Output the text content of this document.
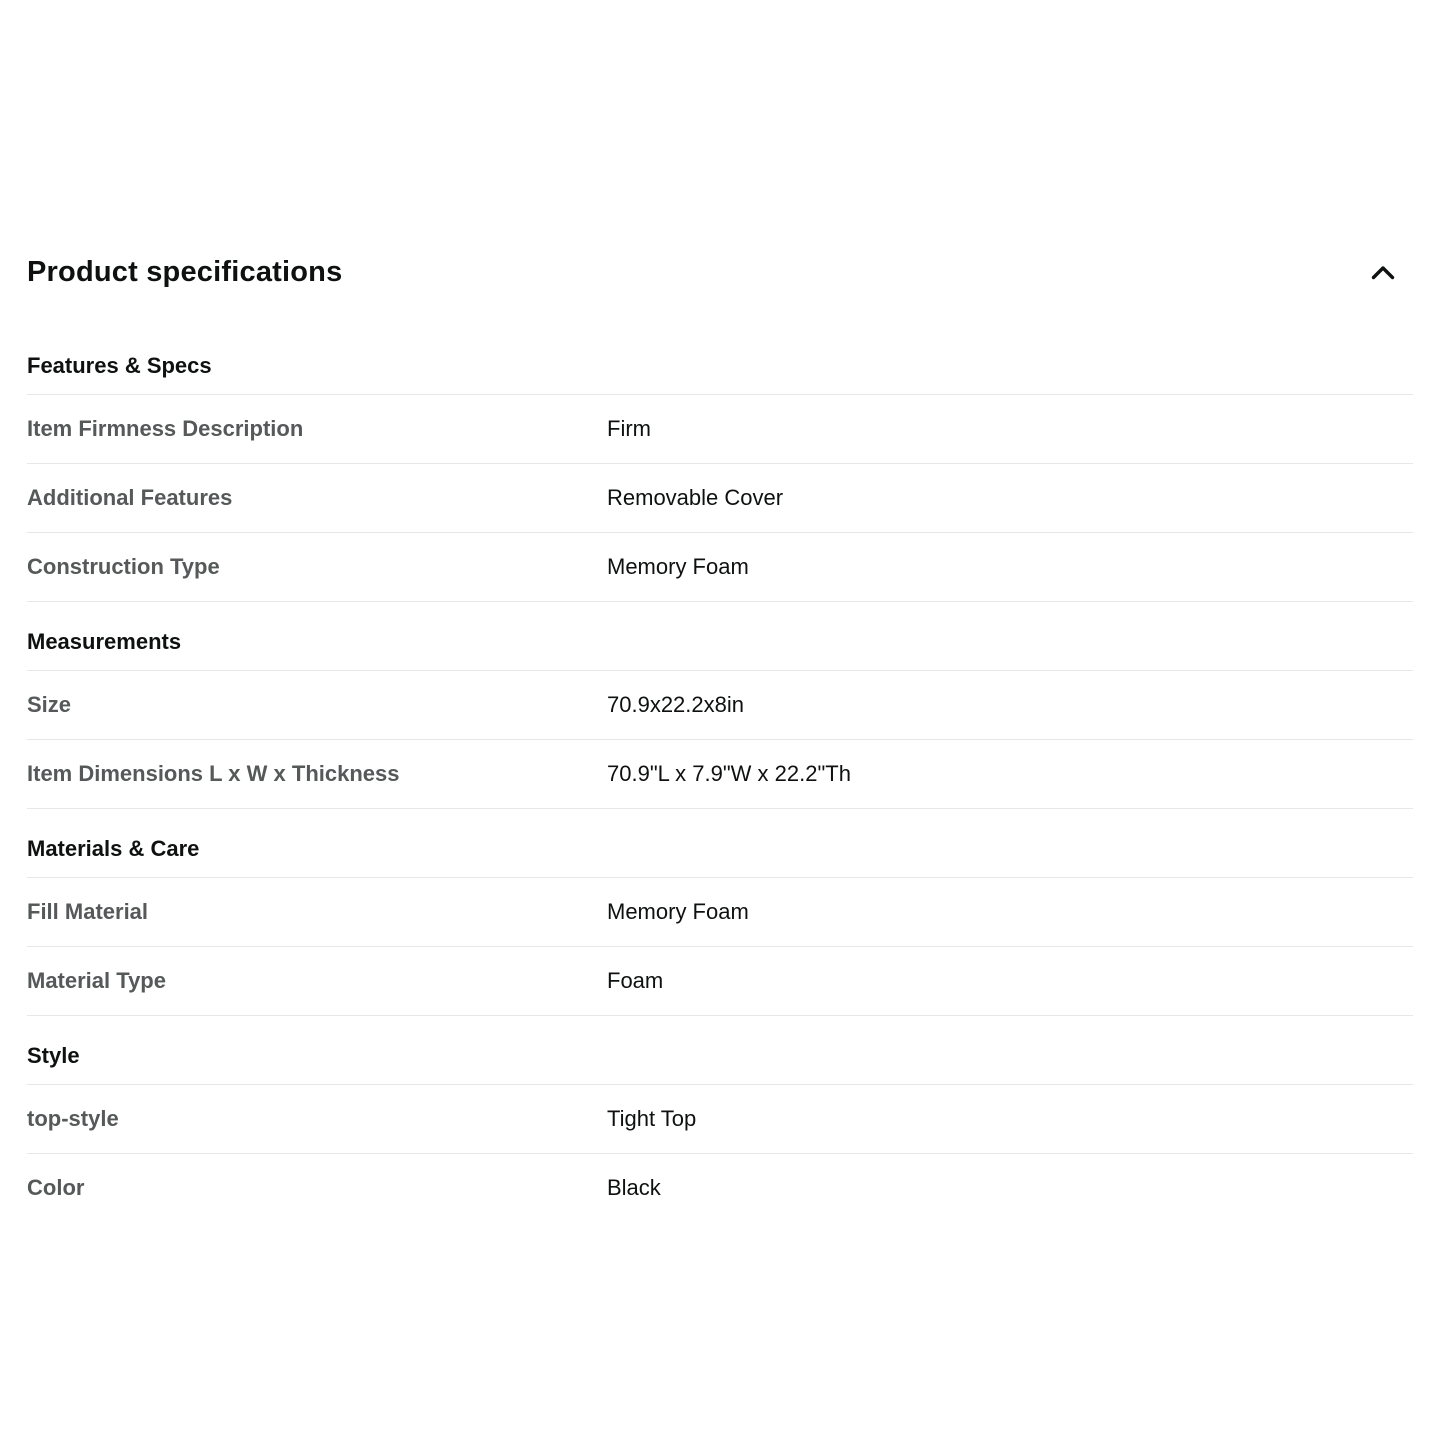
Product specifications
Features & Specs
Item Firmness Description	Firm
Additional Features	Removable Cover
Construction Type	Memory Foam
Measurements
Size	70.9x22.2x8in
Item Dimensions L x W x Thickness	70.9"L x 7.9"W x 22.2"Th
Materials & Care
Fill Material	Memory Foam
Material Type	Foam
Style
top-style	Tight Top
Color	Black
